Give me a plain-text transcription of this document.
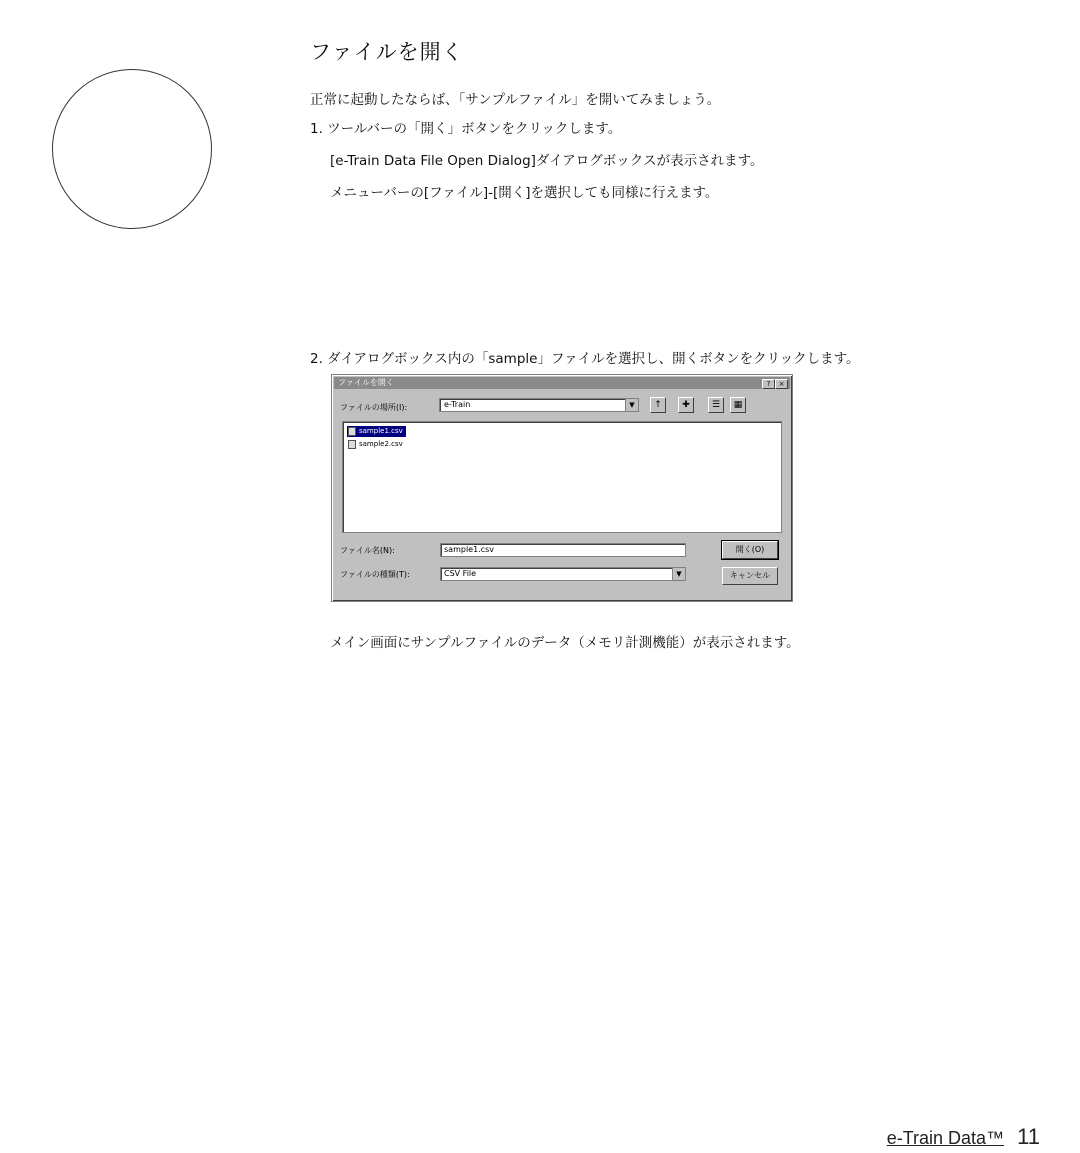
ファイルを開く
正常に起動したならば、「サンプルファイル」を開いてみましょう。
1. ツールバーの「開く」ボタンをクリックします。
[e-Train Data File Open Dialog]ダイアログボックスが表示されます。
メニューバーの[ファイル]-[開く]を選択しても同様に行えます。
2. ダイアログボックス内の「sample」ファイルを選択し、開くボタンをクリックします。
ファイルを開く	?	×
ファイルの場所(I):	e-Train	▼	↑	✚	☰	▦
sample1.csv
sample2.csv
ファイル名(N):	sample1.csv
ファイルの種類(T):	CSV File	▼
開く(O)
キャンセル
メイン画面にサンプルファイルのデータ（メモリ計測機能）が表示されます。
e-Train Data™ 11
